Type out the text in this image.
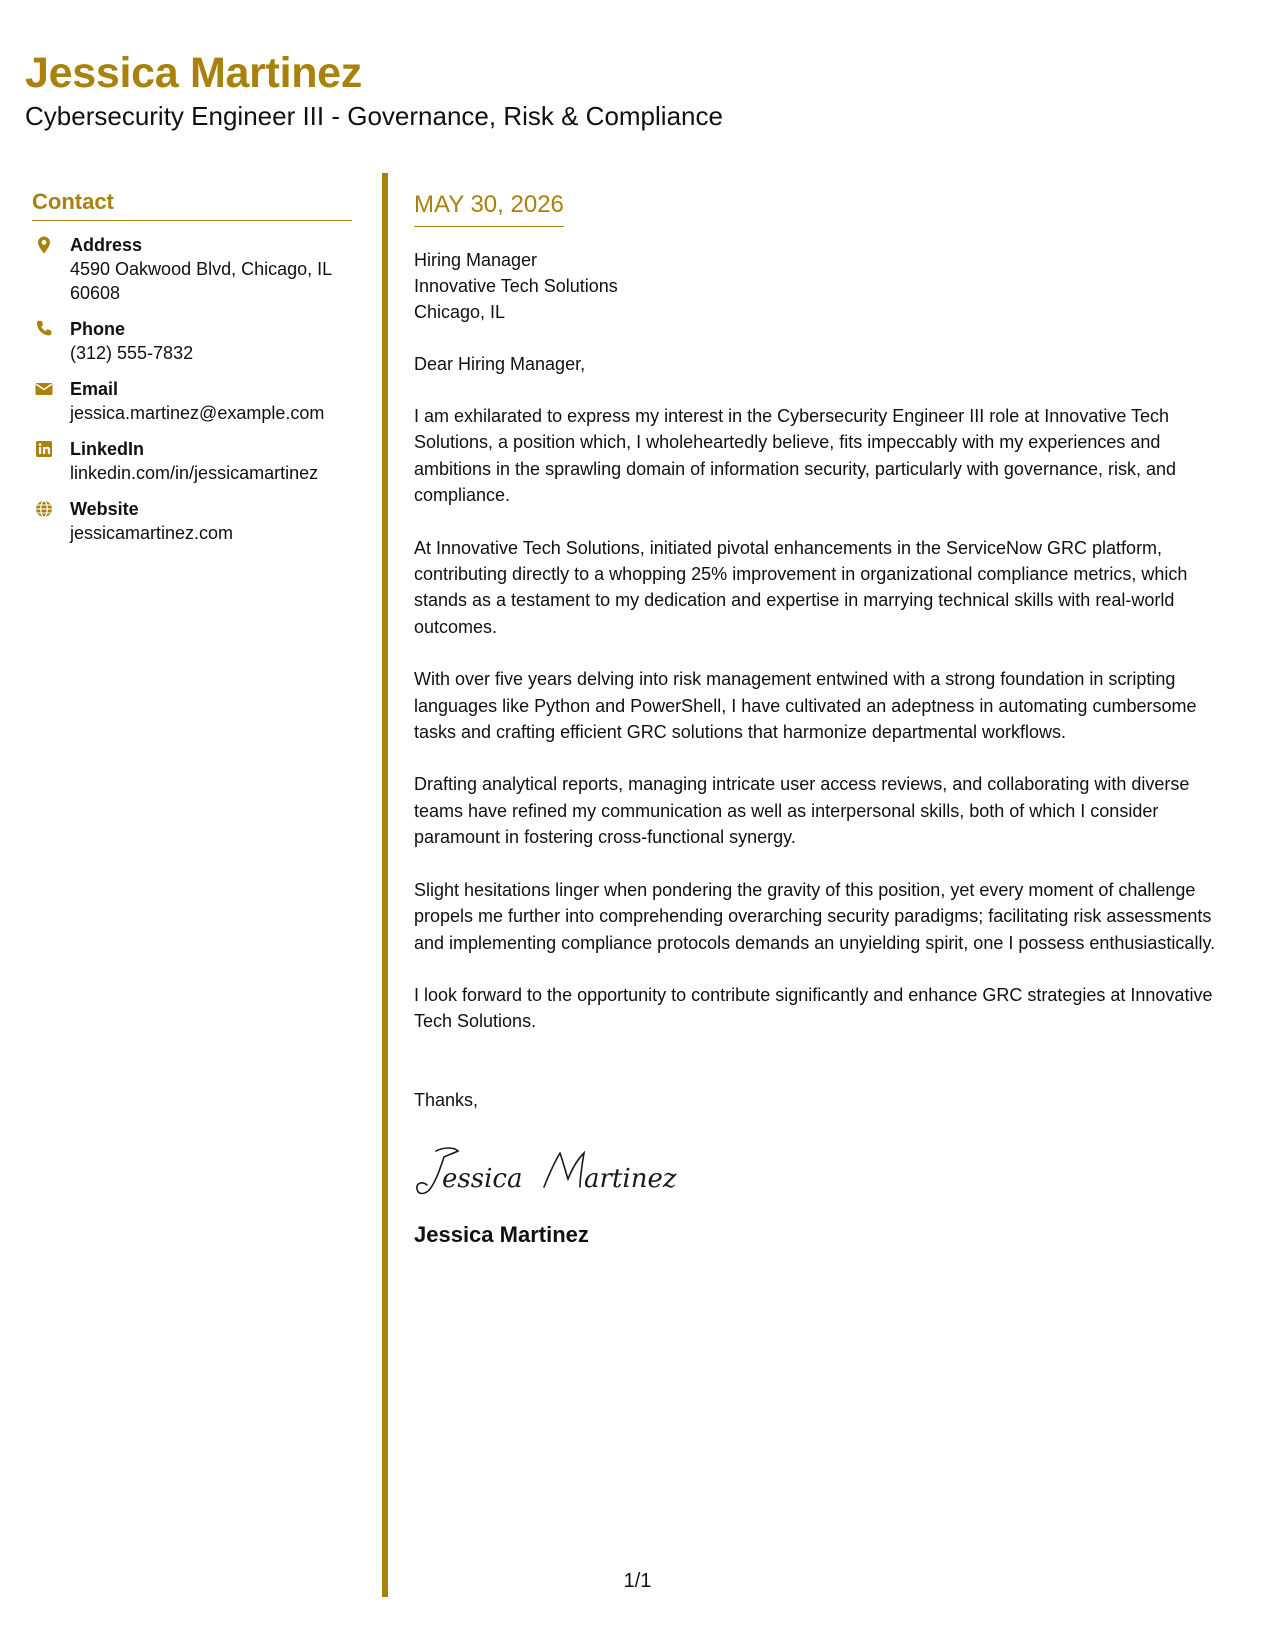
Jessica Martinez
Cybersecurity Engineer III - Governance, Risk & Compliance
Contact
Address
4590 Oakwood Blvd, Chicago, IL 60608
Phone
(312) 555-7832
Email
jessica.martinez@example.com
LinkedIn
linkedin.com/in/jessicamartinez
Website
jessicamartinez.com
MAY 30, 2026
Hiring Manager
Innovative Tech Solutions
Chicago, IL
Dear Hiring Manager,

I am exhilarated to express my interest in the Cybersecurity Engineer III role at Innovative Tech Solutions, a position which, I wholeheartedly believe, fits impeccably with my experiences and ambitions in the sprawling domain of information security, particularly with governance, risk, and compliance.

At Innovative Tech Solutions, initiated pivotal enhancements in the ServiceNow GRC platform, contributing directly to a whopping 25% improvement in organizational compliance metrics, which stands as a testament to my dedication and expertise in marrying technical skills with real-world outcomes.

With over five years delving into risk management entwined with a strong foundation in scripting languages like Python and PowerShell, I have cultivated an adeptness in automating cumbersome tasks and crafting efficient GRC solutions that harmonize departmental workflows.

Drafting analytical reports, managing intricate user access reviews, and collaborating with diverse teams have refined my communication as well as interpersonal skills, both of which I consider paramount in fostering cross-functional synergy.

Slight hesitations linger when pondering the gravity of this position, yet every moment of challenge propels me further into comprehending overarching security paradigms; facilitating risk assessments and implementing compliance protocols demands an unyielding spirit, one I possess enthusiastically.

I look forward to the opportunity to contribute significantly and enhance GRC strategies at Innovative Tech Solutions.

Thanks,
essica artinez
Jessica Martinez
1/1
